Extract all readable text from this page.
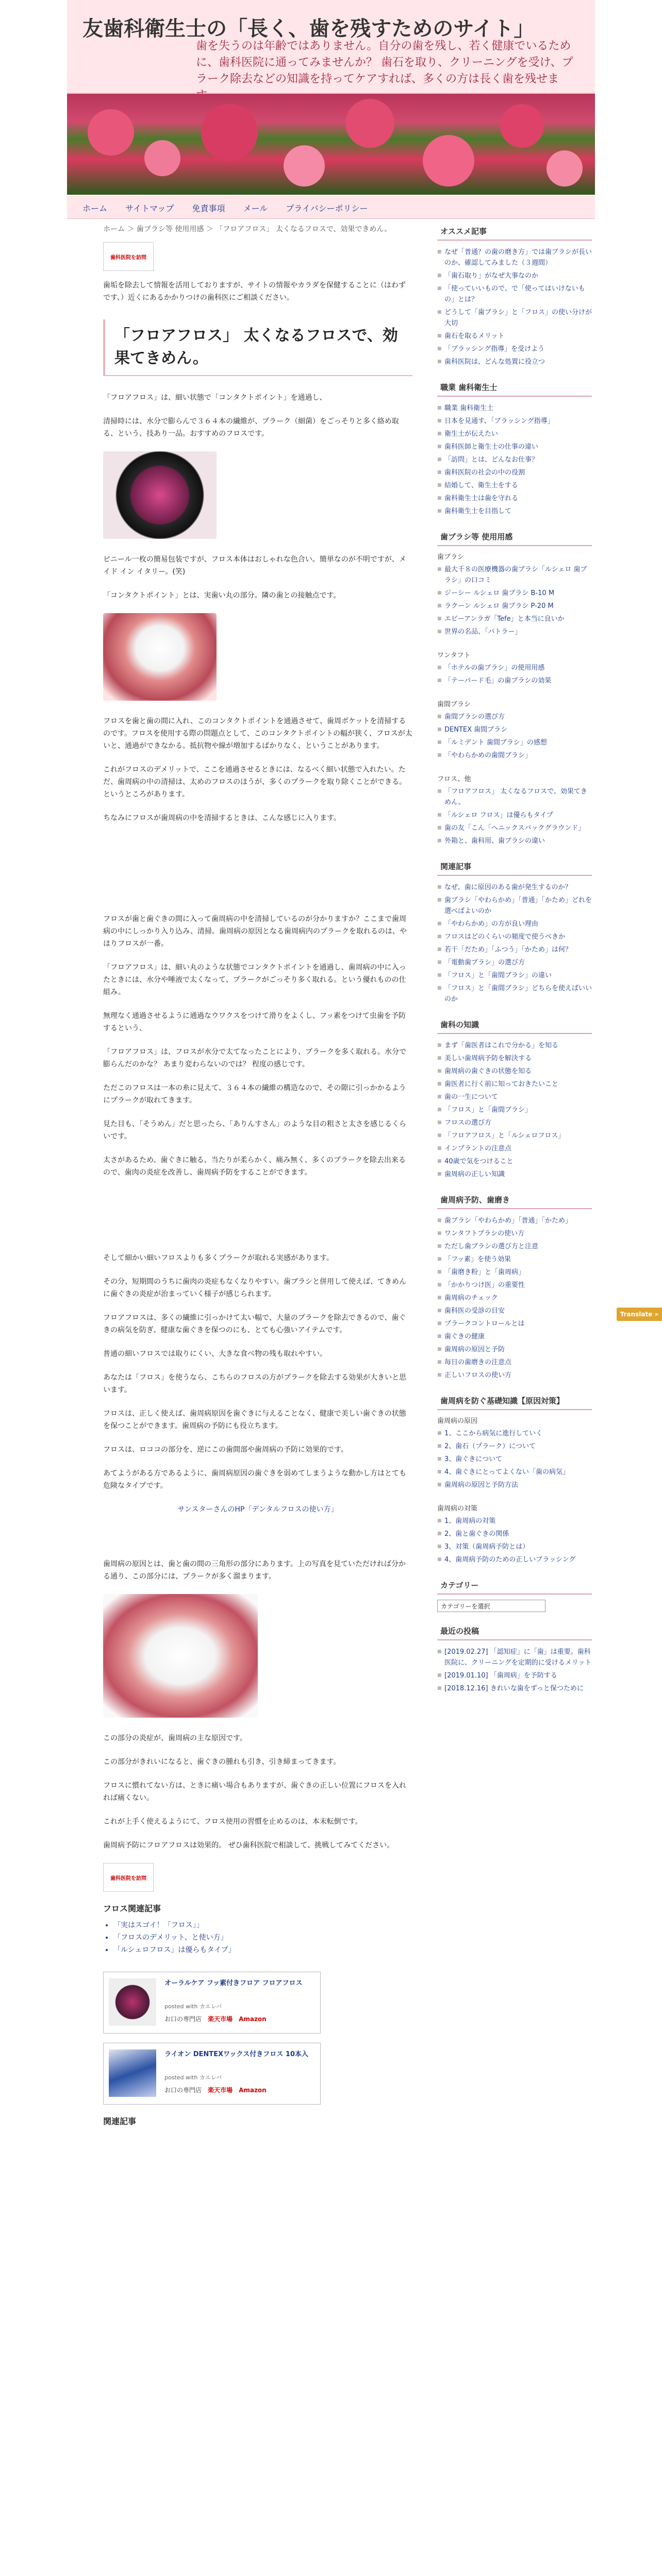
友歯科衛生士の「長く、歯を残すためのサイト」
歯を失うのは年齢ではありません。自分の歯を残し、若く健康でいるために、歯科医院に通ってみませんか？ 歯石を取り、クリーニングを受け、プラーク除去などの知識を持ってケアすれば、多くの方は長く歯を残せま
ホーム サイトマップ 免責事項 メール プライバシーポリシー
ホーム ＞ 歯ブラシ等 使用用感 ＞ 「フロアフロス」 太くなるフロスで、効果できめん。
歯科医院を訪問
歯垢を除去して情報を活用しておりますが、サイトの情報やカラダを保健することに（はわずです、）近くにあるかかりつけの歯科医にご相談ください。
「フロアフロス」 太くなるフロスで、効果てきめん。

「フロアフロス」は、細い状態で「コンタクトポイント」を通過し、

清掃時には、水分で膨らんで３６４本の繊維が、プラーク（細菌）をごっそりと多く絡め取る、という、技あり一品。おすすめのフロスです。

ピニール一枚の簡易包装ですが、フロス本体はおしゃれな色合い。簡単なのが不明ですが、メイド イン イタリー。(笑)

「コンタクトポイント」とは、実歯い丸の部分。隣の歯との接触点です。

フロスを歯と歯の間に入れ、このコンタクトポイントを通過させて、歯周ポケットを清掃するのです。フロスを使用する際の問題点として、このコンタクトポイントの幅が狭く、フロスが太いと、通過ができなかる。抵抗物や線が増加するばかりなく、ということがあります。

これがフロスのデメリットで、ここを通過させるときには、なるべく細い状態で入れたい。ただ、歯周病の中の清掃は、太めのフロスのほうが、多くのプラークを取り除くことができる。というところがあります。

ちなみにフロスが歯周病の中を清掃するときは、こんな感じに入ります。

フロスが歯と歯ぐきの間に入って歯周病の中を清掃しているのが分かりますか？ここまで歯周病の中にしっかり入り込み、清掃。歯周病の原因となる歯周病内のプラークを取れるのは、やはりフロスが一番。

「フロアフロス」は、細い丸のような状態でコンタクトポイントを通過し、歯周病の中に入ったときには、水分や唾液で太くなって、プラークがごっそり多く取れる。という優れものの仕組み。

無理なく通過させるように通過なウワクスをつけて滑りをよくし、フッ素をつけて虫歯を予防するという、

「フロアフロス」は、フロスが水分で太てなったことにより、プラークを多く取れる。水分で膨らんだのかな？ あまり変わらないのでは？ 程度の感じです。

ただこのフロスは一本の糸に見えて、３６４本の繊維の構造なので、その隙に引っかかるようにプラークが取れてきます。

見た目も、「そうめん」だと思ったら、「ありんすさん」のような目の粗さと太さを感じるくらいです。

太さがあるため、歯ぐきに触る、当たりが柔らかく、痛み無く、多くのプラークを除去出来るので、歯肉の炎症を改善し、歯周病予防をすることができます。

そして細かい細いフロスよりも多くプラークが取れる実感があります。

その分、短期間のうちに歯肉の炎症もなくなりやすい。歯ブラシと併用して使えば、てきめんに歯ぐきの炎症が治まっていく様子が感じられます。

フロアフロスは、多くの繊維に引っかけて太い幅で、大量のプラークを除去できるので、歯ぐきの病気を防ぎ、健康な歯ぐきを保つのにも、とても心強いアイテムです。

普通の細いフロスでは取りにくい、大きな食べ物の残も取れやすい。

あなたは「フロス」を使うなら、こちらのフロスの方がプラークを除去する効果が大きいと思います。

フロスは、正しく使えば、歯周病原因を歯ぐきに与えることなく、健康で美しい歯ぐきの状態を保つことができます。歯周病の予防にも役立ちます。

フロスは、ロココの部分を、逆にこの歯間部や歯周病の予防に効果的です。

あてようがある方であるように、歯周病原因の歯ぐきを弱めてしまうような動かし方はとても危険なタイプです。

サンスターさんのHP「デンタルフロスの使い方」

歯周病の原因とは、歯と歯の間の三角形の部分にあります。上の写真を見ていただければ分かる通り、この部分には、プラークが多く溜まります。

この部分の炎症が、歯周病の主な原因です。

この部分がきれいになると、歯ぐきの腫れも引き、引き締まってきます。

フロスに慣れてない方は、ときに痛い場合もありますが、歯ぐきの正しい位置にフロスを入れれば痛くない。

これが上手く使えるようにて、フロス使用の習慣を止めるのは、本末転倒です。

歯周病予防にフロアフロスは効果的。 ぜひ歯科医院で相談して、挑戦してみてください。

歯科医院を訪問
フロス関連記事
• 「実はスゴイ！「フロス」」
• 「フロスのデメリット、と使い方」
• 「ルシェロフロス」は優らもタイプ」
オーラルケア フッ素付きフロア フロアフロス
posted with カエレバ
お口の専門店　 楽天市場　 Amazon
ライオン DENTEXワックス付きフロス 10本入
posted with カエレバ
お口の専門店　 楽天市場　 Amazon
関連記事
オススメ記事
■ なぜ「普通？の歯の磨き方」では歯ブラシが長いのか、確認してみました（３週間）
■ 「歯石取り」がなぜ大事なのか
■ 「使っていいもので、で「使ってはいけないもの」とは？
■ どうして「歯ブラシ」と「フロス」の使い分けが大切
■ 歯石を取るメリット
■ 「ブラッシング指導」を受けよう
■ 歯科医院は、どんな処置に役立つ
職業 歯科衛生士
■ 職業 歯科衛生士
■ 日本を見通す、「ブラッシング指導」
■ 衛生士が伝えたい
■ 歯科医師と衛生士の仕事の違い
■ 「訪問」とは、どんなお仕事？
■ 歯科医院の社会の中の役割
■ 結婚して、衛生士をする
■ 歯科衛生士は歯を守れる
■ 歯科衛生士を目指して
歯ブラシ等 使用用感
歯ブラシ
■ 最大千８の医療機器の歯ブラシ「ルシェロ 歯ブラシ」の口コミ
■ ジーシー ルシェロ 歯ブラシ B-10 M
■ ラクーン ルシェロ 歯ブラシ P-20 M
■ エビーアンラガ「Tefe」と本当に良いか
■ 世界の名品、「パトラー」
ワンタフト
■ 「ホテルの歯ブラシ」の使用用感
■ 「テーパード毛」の歯ブラシの効果
歯間ブラシ
■ 歯間ブラシの選び方
■ DENTEX 歯間ブラシ
■ 「ルミデント 歯間ブラシ」の感想
■ 「やわらかめの歯間ブラシ」
フロス、他
■ 「フロアフロス」 太くなるフロスで、効果てきめん。
■ 「ルシェロ フロス」は優らもタイプ
■ 歯の友「こん「ヘニックスバックグラウンド」
■ 外箱と、歯科用、歯ブラシの違い
関連記事
■ なぜ、歯に原因のある歯が発生するのか？
■ 歯ブラシ「やわらかめ」「普通」「かため」どれを選べばよいのか
■ 「やわらかめ」の方が良い理由
■ フロスはどのくらいの頻度で使うべきか
■ 若干「だため」「ふつう」「かため」は何？
■ 「電動歯ブラシ」の選び方
■ 「フロス」と「歯間ブラシ」の違い
■ 「フロス」と「歯間ブラシ」どちらを使えばいいのか
歯科の知識
■ まず「歯医者はこれで分かる」を知る
■ 美しい歯周病予防を解決する
■ 歯周病の歯ぐきの状態を知る
■ 歯医者に行く前に知っておきたいこと
■ 歯の一生について
■ 「フロス」と「歯間ブラシ」
■ フロスの選び方
■ 「フロアフロス」と「ルシェロフロス」
■ インプラントの注意点
■ 40歳で気をつけること
■ 歯周病の正しい知識
歯周病予防、歯磨き
■ 歯ブラシ「やわらかめ」「普通」「かため」
■ ワンタフトブラシの使い方
■ ただし歯ブラシの選び方と注意
■ 「フッ素」を使う効果
■ 「歯磨き粉」と「歯周病」
■ 「かかりつけ医」の重要性
■ 歯周病のチェック
■ 歯科医の受診の目安
■ プラークコントロールとは
■ 歯ぐきの健康
■ 歯周病の原因と予防
■ 毎日の歯磨きの注意点
■ 正しいフロスの使い方
歯周病を防ぐ基礎知識【原因対策】
歯周病の原因
■ 1、ここから病気に進行していく
■ 2、歯石（プラーク）について
■ 3、歯ぐきについて
■ 4、歯ぐきにとってよくない「歯の病気」
■ 歯周病の原因と予防方法
歯周病の対策
■ 1、歯周病の対策
■ 2、歯と歯ぐきの関係
■ 3、対策（歯周病予防とは）
■ 4、歯周病予防のための正しいブラッシング
カテゴリー
カテゴリーを選択
最近の投稿
■ [2019.02.27] 「認知症」に「歯」は重要。歯科医院に、クリーニングを定期的に受けるメリット
■ [2019.01.10] 「歯周病」を予防する
■ [2018.12.16] きれいな歯をずっと保つために
Translate »
